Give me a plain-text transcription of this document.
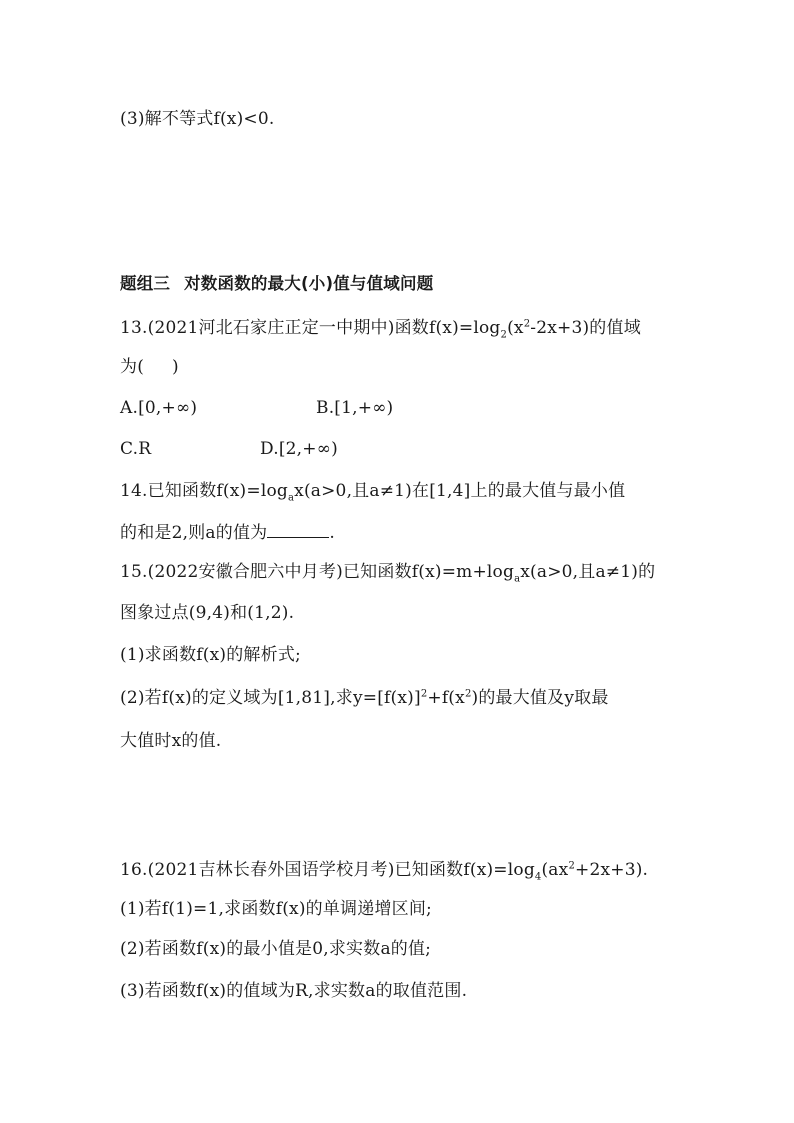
(3)解不等式f(x)<0.
题组三 对数函数的最大(小)值与值域问题
13.(2021河北石家庄正定一中期中)函数$f(x)=\log_2(x^2-2x+3)$的值域
为( )
A.[0,+∞)	B.[1,+∞)
C.R	D.[2,+∞)
14.已知函数$f(x)=\log_ax(a>0$,且a≠1)在[1,4]上的最大值与最小值
的和是2,则a的值为	.
15.(2022安徽合肥六中月考)已知函数$f(x)=m+\log_ax(a>0$,且a≠1)的
图象过点(9,4)和(1,2).
(1)求函数f(x)的解析式;
(2)若f(x)的定义域为[1,81],求$y=[f(x)]^2+f(x^2)$的最大值及y取最
大值时x的值.
16.(2021吉林长春外国语学校月考)已知函数$f(x)=\log_4(ax^2+2x+3)$.
(1)若f(1)=1,求函数f(x)的单调递增区间;
(2)若函数f(x)的最小值是0,求实数a的值;
(3)若函数f(x)的值域为R,求实数a的取值范围.
